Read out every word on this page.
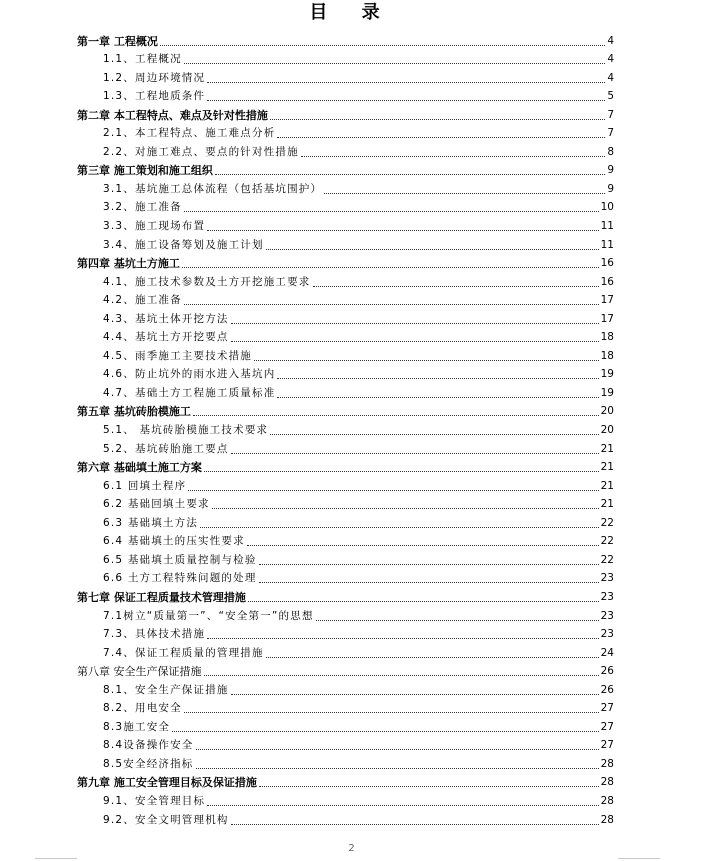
目 录
第一章 工程概况	4
1.1、工程概况	4
1.2、周边环境情况	4
1.3、工程地质条件	5
第二章 本工程特点、难点及针对性措施	7
2.1、本工程特点、施工难点分析	7
2.2、对施工难点、要点的针对性措施	8
第三章 施工策划和施工组织	9
3.1、基坑施工总体流程（包括基坑围护）	9
3.2、施工准备	10
3.3、施工现场布置	11
3.4、施工设备筹划及施工计划	11
第四章 基坑土方施工	16
4.1、施工技术参数及土方开挖施工要求	16
4.2、施工准备	17
4.3、基坑土体开挖方法	17
4.4、基坑土方开挖要点	18
4.5、雨季施工主要技术措施	18
4.6、防止坑外的雨水进入基坑内	19
4.7、基础土方工程施工质量标准	19
第五章 基坑砖胎模施工	20
5.1、 基坑砖胎模施工技术要求	20
5.2、基坑砖胎施工要点	21
第六章 基础填土施工方案	21
6.1 回填土程序	21
6.2 基础回填土要求	21
6.3 基础填土方法	22
6.4 基础填土的压实性要求	22
6.5 基础填土质量控制与检验	22
6.6 土方工程特殊问题的处理	23
第七章 保证工程质量技术管理措施	23
7.1树立“质量第一”、“安全第一”的思想	23
7.3、具体技术措施	23
7.4、保证工程质量的管理措施	24
第八章 安全生产保证措施	26
8.1、安全生产保证措施	26
8.2、用电安全	27
8.3施工安全	27
8.4设备操作安全	27
8.5安全经济指标	28
第九章 施工安全管理目标及保证措施	28
9.1、安全管理目标	28
9.2、安全文明管理机构	28
2
